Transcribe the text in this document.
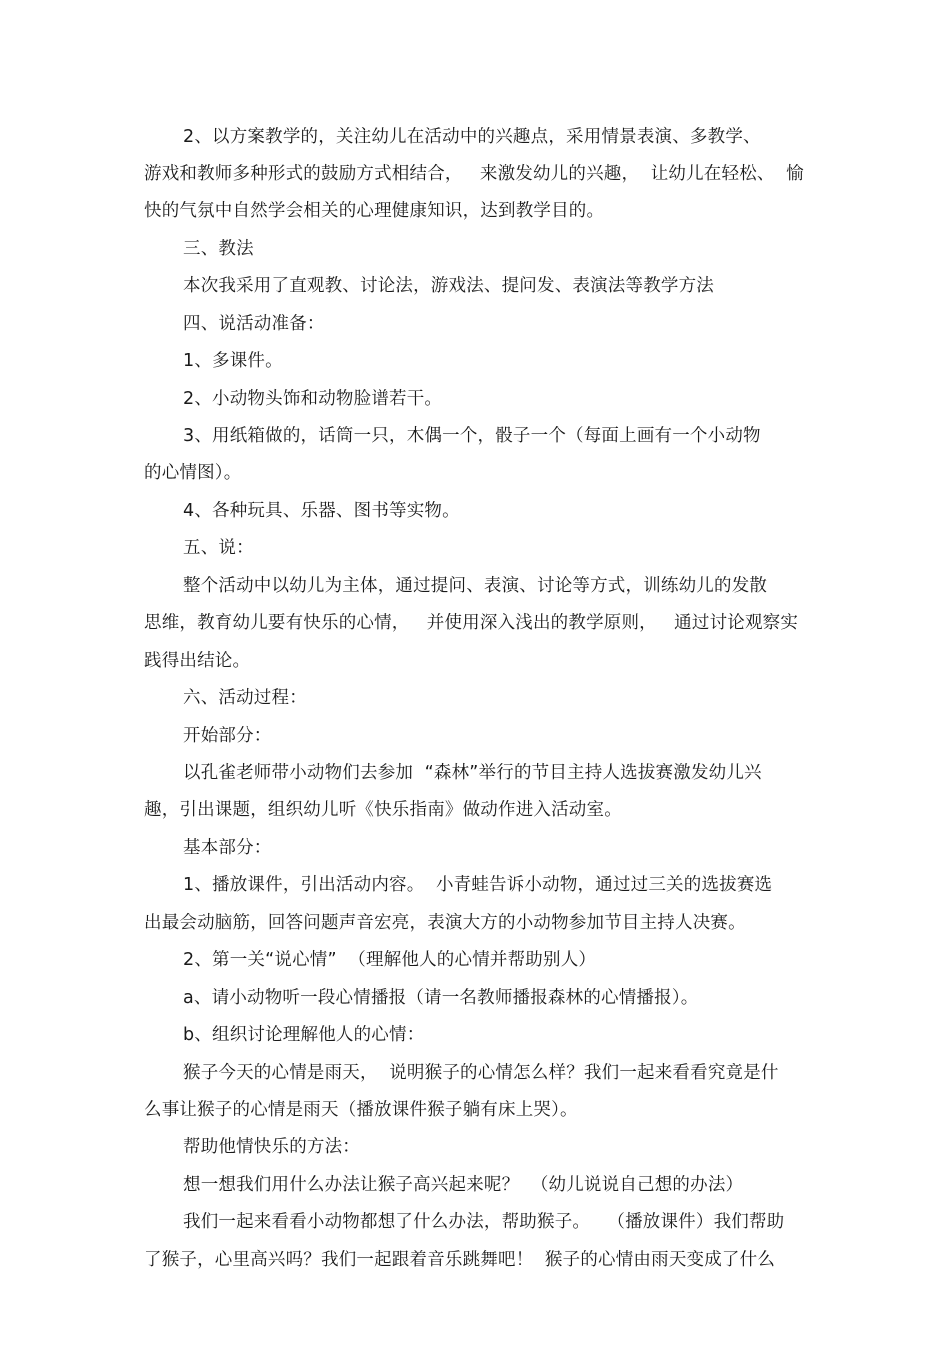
2、以方案教学的，关注幼儿在活动中的兴趣点，采用情景表演、多教学、
游戏和教师多种形式的鼓励方式相结合，   来激发幼儿的兴趣，  让幼儿在轻松、  愉
快的气氛中自然学会相关的心理健康知识，达到教学目的。
三、教法
本次我采用了直观教、讨论法，游戏法、提问发、表演法等教学方法
四、说活动准备：
1、多课件。
2、小动物头饰和动物脸谱若干。
3、用纸箱做的，话筒一只，木偶一个，骰子一个（每面上画有一个小动物
的心情图）。
4、各种玩具、乐器、图书等实物。
五、说：
整个活动中以幼儿为主体，通过提问、表演、讨论等方式，训练幼儿的发散
思维，教育幼儿要有快乐的心情，   并使用深入浅出的教学原则，   通过讨论观察实
践得出结论。
六、活动过程：
开始部分：
以孔雀老师带小动物们去参加  “森林”举行的节目主持人选拔赛激发幼儿兴
趣，引出课题，组织幼儿听《快乐指南》做动作进入活动室。
基本部分：
1、播放课件，引出活动内容。  小青蛙告诉小动物，通过过三关的选拔赛选
出最会动脑筋，回答问题声音宏亮，表演大方的小动物参加节目主持人决赛。
2、第一关“说心情”  （理解他人的心情并帮助别人）
a、请小动物听一段心情播报（请一名教师播报森林的心情播报）。
b、组织讨论理解他人的心情：
猴子今天的心情是雨天，  说明猴子的心情怎么样？我们一起来看看究竟是什
么事让猴子的心情是雨天（播放课件猴子躺有床上哭）。
帮助他情快乐的方法：
想一想我们用什么办法让猴子高兴起来呢？  （幼儿说说自己想的办法）
我们一起来看看小动物都想了什么办法，帮助猴子。   （播放课件）我们帮助
了猴子，心里高兴吗？我们一起跟着音乐跳舞吧！  猴子的心情由雨天变成了什么
